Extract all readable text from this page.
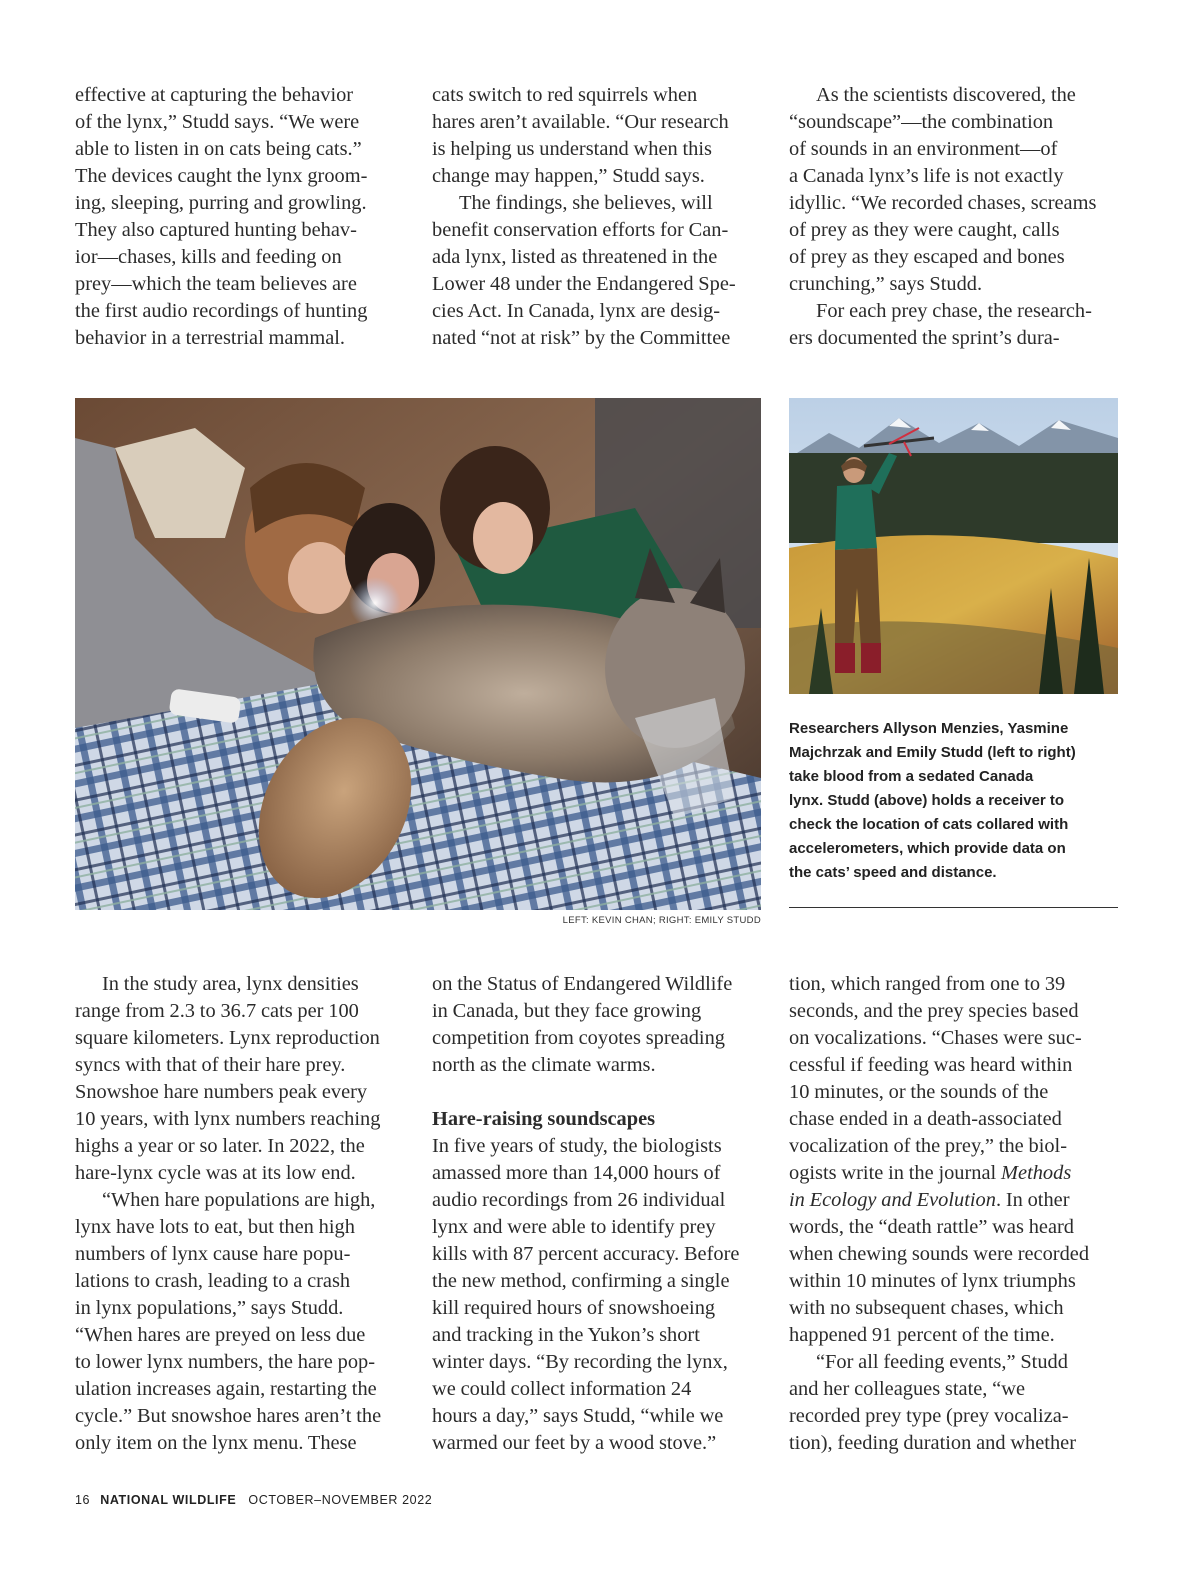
effective at capturing the behavior
of the lynx,” Studd says. “We were
able to listen in on cats being cats.”
The devices caught the lynx groom-
ing, sleeping, purring and growling.
They also captured hunting behav-
ior—chases, kills and feeding on
prey—which the team believes are
the first audio recordings of hunting
behavior in a terrestrial mammal.
cats switch to red squirrels when
hares aren’t available. “Our research
is helping us understand when this
change may happen,” Studd says.
The findings, she believes, will
benefit conservation efforts for Can-
ada lynx, listed as threatened in the
Lower 48 under the Endangered Spe-
cies Act. In Canada, lynx are desig-
nated “not at risk” by the Committee
As the scientists discovered, the
“soundscape”—the combination
of sounds in an environment—of
a Canada lynx’s life is not exactly
idyllic. “We recorded chases, screams
of prey as they were caught, calls
of prey as they escaped and bones
crunching,” says Studd.
For each prey chase, the research-
ers documented the sprint’s dura-
LEFT: KEVIN CHAN; RIGHT: EMILY STUDD
Researchers Allyson Menzies, Yasmine
Majchrzak and Emily Studd (left to right)
take blood from a sedated Canada
lynx. Studd (above) holds a receiver to
check the location of cats collared with
accelerometers, which provide data on
the cats’ speed and distance.
In the study area, lynx densities
range from 2.3 to 36.7 cats per 100
square kilometers. Lynx reproduction
syncs with that of their hare prey.
Snowshoe hare numbers peak every
10 years, with lynx numbers reaching
highs a year or so later. In 2022, the
hare-lynx cycle was at its low end.
“When hare populations are high,
lynx have lots to eat, but then high
numbers of lynx cause hare popu-
lations to crash, leading to a crash
in lynx populations,” says Studd.
“When hares are preyed on less due
to lower lynx numbers, the hare pop-
ulation increases again, restarting the
cycle.” But snowshoe hares aren’t the
only item on the lynx menu. These
on the Status of Endangered Wildlife
in Canada, but they face growing
competition from coyotes spreading
north as the climate warms.

Hare-raising soundscapes
In five years of study, the biologists
amassed more than 14,000 hours of
audio recordings from 26 individual
lynx and were able to identify prey
kills with 87 percent accuracy. Before
the new method, confirming a single
kill required hours of snowshoeing
and tracking in the Yukon’s short
winter days. “By recording the lynx,
we could collect information 24
hours a day,” says Studd, “while we
warmed our feet by a wood stove.”
tion, which ranged from one to 39
seconds, and the prey species based
on vocalizations. “Chases were suc-
cessful if feeding was heard within
10 minutes, or the sounds of the
chase ended in a death-associated
vocalization of the prey,” the biol-
ogists write in the journal Methods
in Ecology and Evolution. In other
words, the “death rattle” was heard
when chewing sounds were recorded
within 10 minutes of lynx triumphs
with no subsequent chases, which
happened 91 percent of the time.
“For all feeding events,” Studd
and her colleagues state, “we
recorded prey type (prey vocaliza-
tion), feeding duration and whether
16 NATIONAL WILDLIFE OCTOBER–NOVEMBER 2022
